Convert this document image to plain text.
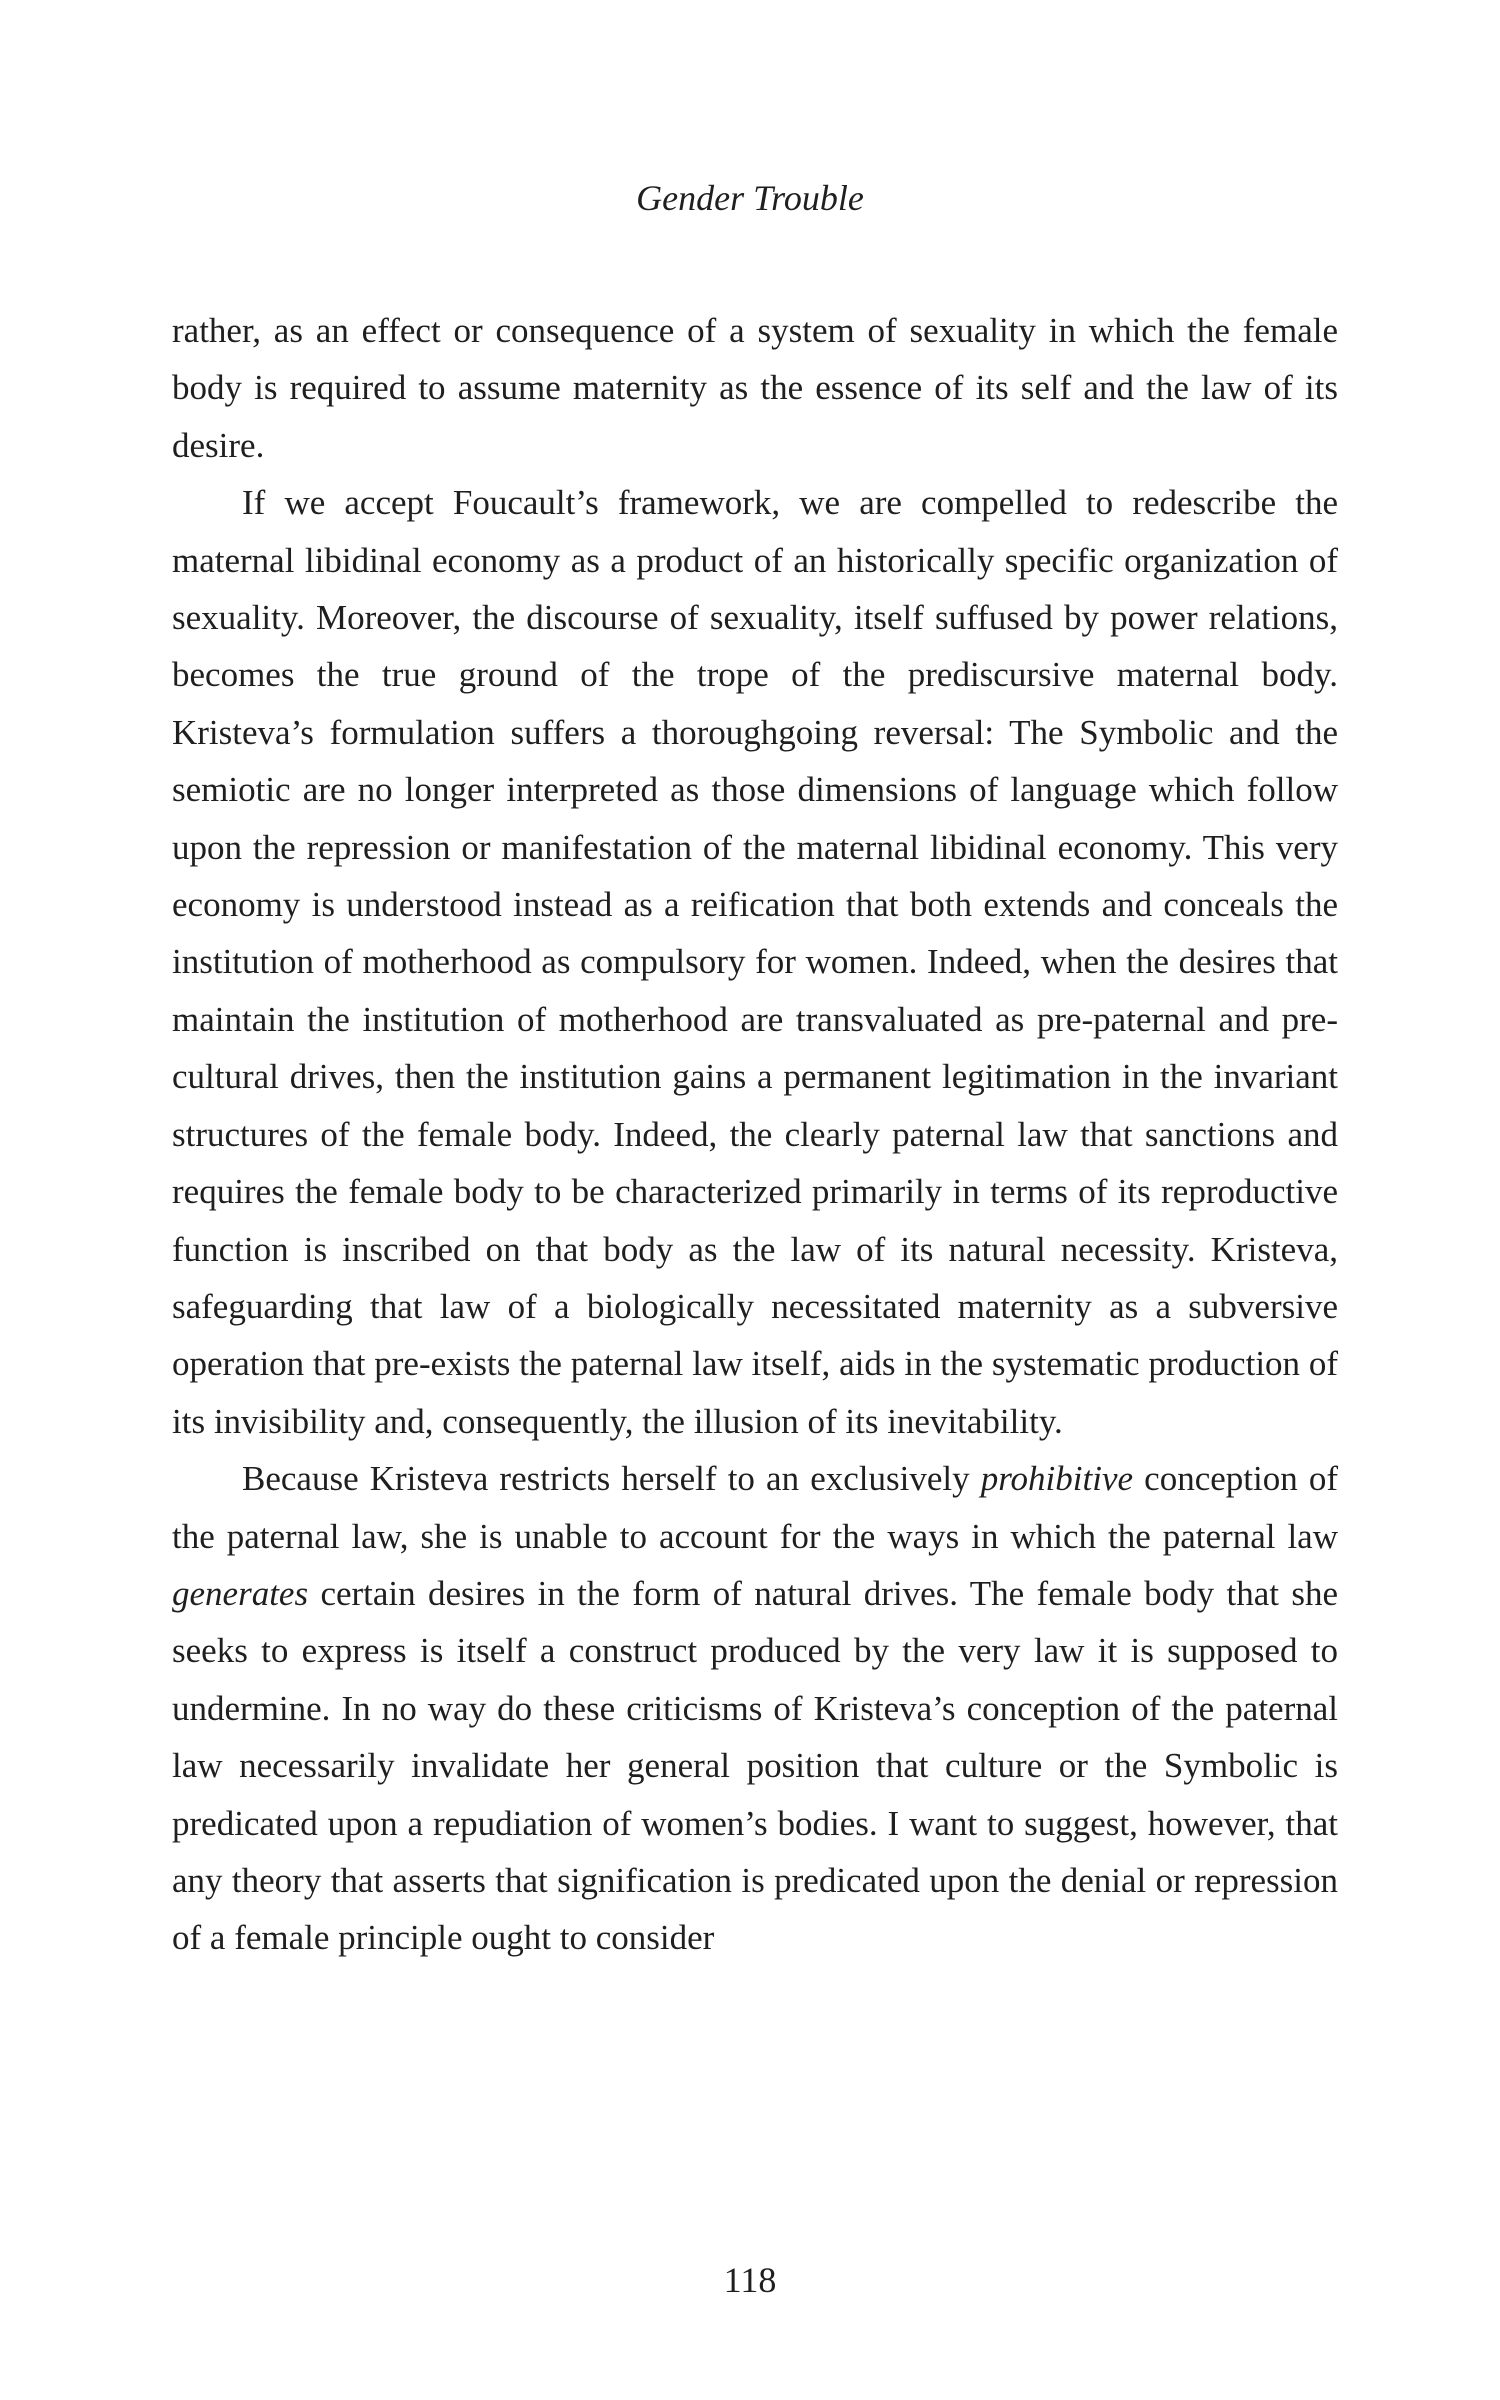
Gender Trouble

rather, as an effect or consequence of a system of sexuality in which the female body is required to assume maternity as the essence of its self and the law of its desire.

If we accept Foucault’s framework, we are compelled to redescribe the maternal libidinal economy as a product of an historically specific organization of sexuality. Moreover, the discourse of sexuality, itself suffused by power relations, becomes the true ground of the trope of the prediscursive maternal body. Kristeva’s formulation suffers a thoroughgoing reversal: The Symbolic and the semiotic are no longer interpreted as those dimensions of language which follow upon the repression or manifestation of the maternal libidinal economy. This very economy is understood instead as a reification that both extends and conceals the institution of motherhood as compulsory for women. Indeed, when the desires that maintain the institution of motherhood are transvaluated as pre-paternal and pre-cultural drives, then the institution gains a permanent legitimation in the invariant structures of the female body. Indeed, the clearly paternal law that sanctions and requires the female body to be characterized primarily in terms of its reproductive function is inscribed on that body as the law of its natural necessity. Kristeva, safeguarding that law of a biologically necessitated maternity as a subversive operation that pre-exists the paternal law itself, aids in the systematic production of its invisibility and, consequently, the illusion of its inevitability.

Because Kristeva restricts herself to an exclusively prohibitive conception of the paternal law, she is unable to account for the ways in which the paternal law generates certain desires in the form of natural drives. The female body that she seeks to express is itself a construct produced by the very law it is supposed to undermine. In no way do these criticisms of Kristeva’s conception of the paternal law necessarily invalidate her general position that culture or the Symbolic is predicated upon a repudiation of women’s bodies. I want to suggest, however, that any theory that asserts that signification is predicated upon the denial or repression of a female principle ought to consider

118
